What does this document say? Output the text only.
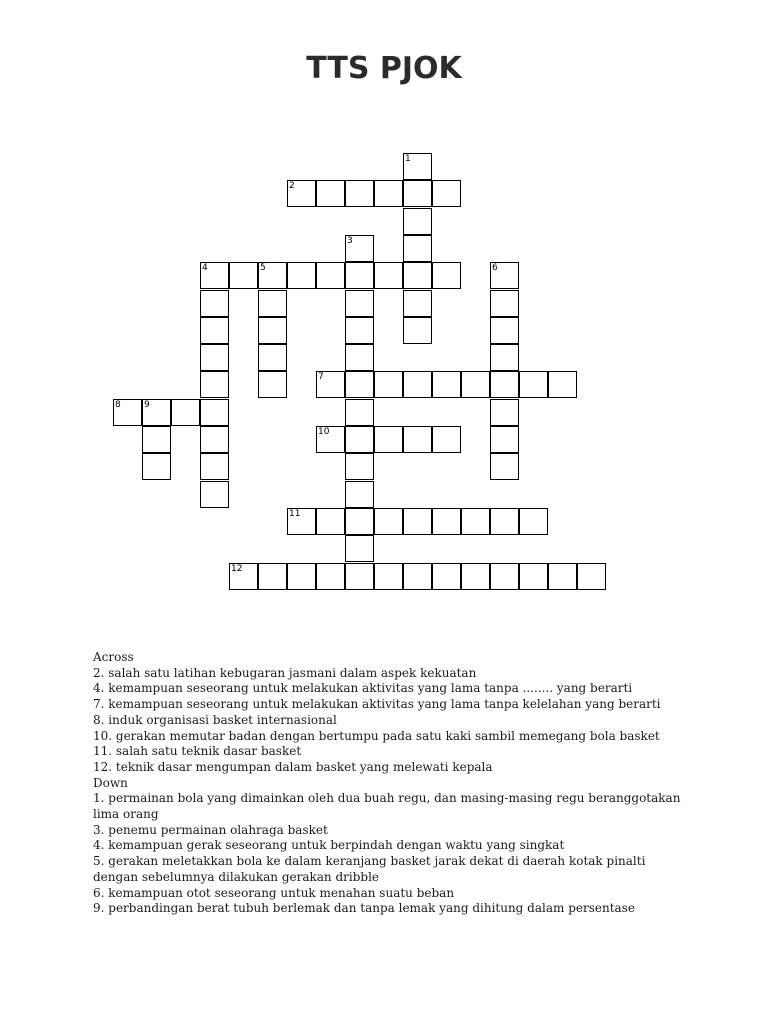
TTS PJOK
1
2
3
4	5	6
7
8	9
10
11
12
Across
2. salah satu latihan kebugaran jasmani dalam aspek kekuatan
4. kemampuan seseorang untuk melakukan aktivitas yang lama tanpa ........ yang berarti
7. kemampuan seseorang untuk melakukan aktivitas yang lama tanpa kelelahan yang berarti
8. induk organisasi basket internasional
10. gerakan memutar badan dengan bertumpu pada satu kaki sambil memegang bola basket
11. salah satu teknik dasar basket
12. teknik dasar mengumpan dalam basket yang melewati kepala
Down
1. permainan bola yang dimainkan oleh dua buah regu, dan masing-masing regu beranggotakan lima orang
3. penemu permainan olahraga basket
4. kemampuan gerak seseorang untuk berpindah dengan waktu yang singkat
5. gerakan meletakkan bola ke dalam keranjang basket jarak dekat di daerah kotak pinalti dengan sebelumnya dilakukan gerakan dribble
6. kemampuan otot seseorang untuk menahan suatu beban
9. perbandingan berat tubuh berlemak dan tanpa lemak yang dihitung dalam persentase
